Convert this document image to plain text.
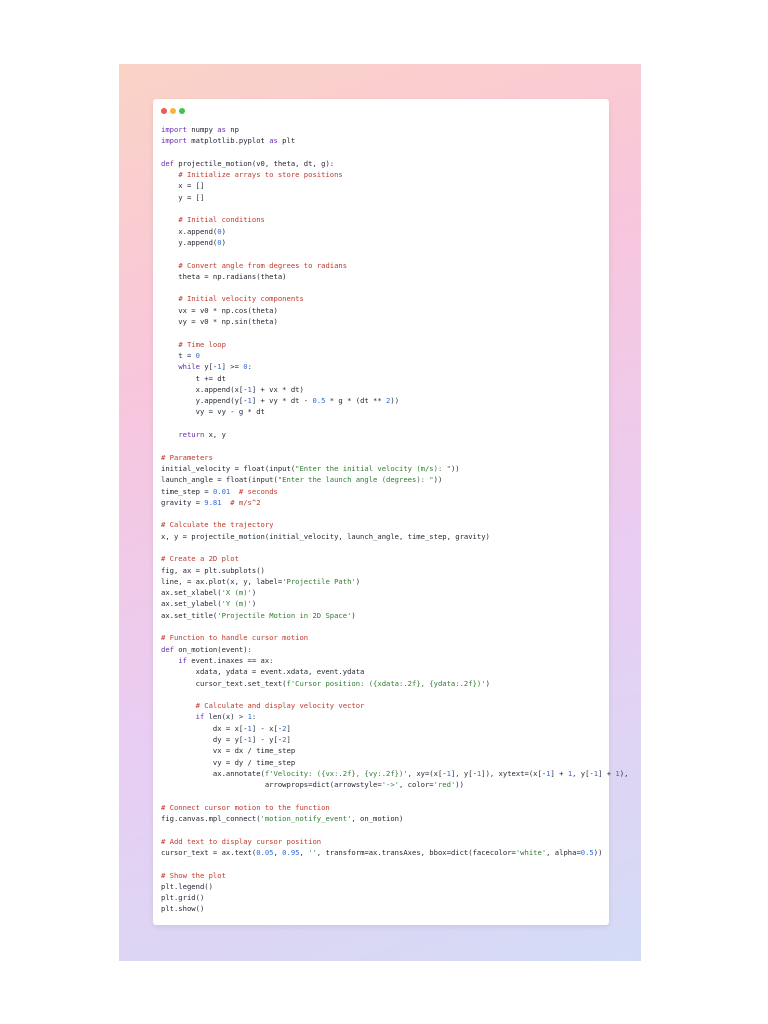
import numpy as np
import matplotlib.pyplot as plt
def projectile_motion(v0, theta, dt, g):
# Initialize arrays to store positions
x = []
y = []
# Initial conditions
x.append(0)
y.append(0)
# Convert angle from degrees to radians
theta = np.radians(theta)
# Initial velocity components
vx = v0 * np.cos(theta)
vy = v0 * np.sin(theta)
# Time loop
t = 0
while y[-1] >= 0:
t += dt
x.append(x[-1] + vx * dt)
y.append(y[-1] + vy * dt - 0.5 * g * (dt ** 2))
vy = vy - g * dt
return x, y
# Parameters
initial_velocity = float(input("Enter the initial velocity (m/s): "))
launch_angle = float(input("Enter the launch angle (degrees): "))
time_step = 0.01 # seconds
gravity = 9.81 # m/s^2
# Calculate the trajectory
x, y = projectile_motion(initial_velocity, launch_angle, time_step, gravity)
# Create a 2D plot
fig, ax = plt.subplots()
line, = ax.plot(x, y, label='Projectile Path')
ax.set_xlabel('X (m)')
ax.set_ylabel('Y (m)')
ax.set_title('Projectile Motion in 2D Space')
# Function to handle cursor motion
def on_motion(event):
if event.inaxes == ax:
xdata, ydata = event.xdata, event.ydata
cursor_text.set_text(f'Cursor position: ({xdata:.2f}, {ydata:.2f})')
# Calculate and display velocity vector
if len(x) > 1:
dx = x[-1] - x[-2]
dy = y[-1] - y[-2]
vx = dx / time_step
vy = dy / time_step
ax.annotate(f'Velocity: ({vx:.2f}, {vy:.2f})', xy=(x[-1], y[-1]), xytext=(x[-1] + 1, y[-1] + 1
arrowprops=dict(arrowstyle='->', color='red'))
# Connect cursor motion to the function
fig.canvas.mpl_connect('motion_notify_event', on_motion)
# Add text to display cursor position
cursor_text = ax.text(0.05, 0.95, '', transform=ax.transAxes, bbox=dict(facecolor='white', alpha=0.5))
# Show the plot
plt.legend()
plt.grid()
plt.show()
